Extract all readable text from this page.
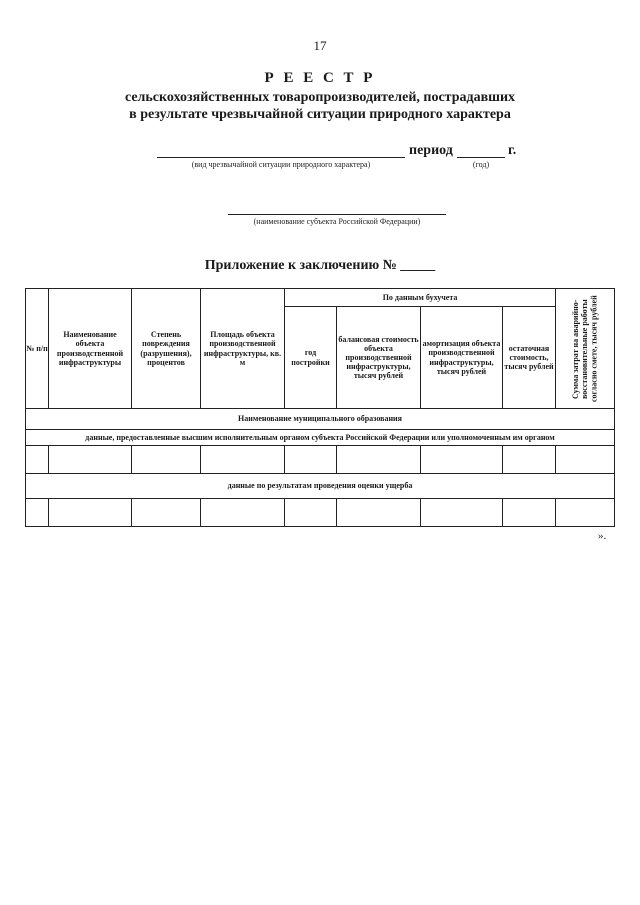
17
Р Е Е С Т Р
сельскохозяйственных товаропроизводителей, пострадавших
в результате чрезвычайной ситуации природного характера
период	г.
(вид чрезвычайной ситуации природного характера)	(год)
(наименование субъекта Российской Федерации)
Приложение к заключению № _____
№ п/п	Наименование объекта производственной инфраструктуры	Степень повреждения (разрушения), процентов	Площадь объекта производственной инфраструктуры, кв. м	По данным бухучета				Сумма затрат на аварийно-восстановительные работы согласно смете, тысяч рублей

				год постройки	балансовая стоимость объекта производственной инфраструктуры, тысяч рублей	амортизация объекта производственной инфраструктуры, тысяч рублей	остаточная стоимость, тысяч рублей	
Наименование муниципального образования								
данные, предоставленные высшим исполнительным органом субъекта Российской Федерации или уполномоченным им органом								

данные по результатам проведения оценки ущерба								

».
